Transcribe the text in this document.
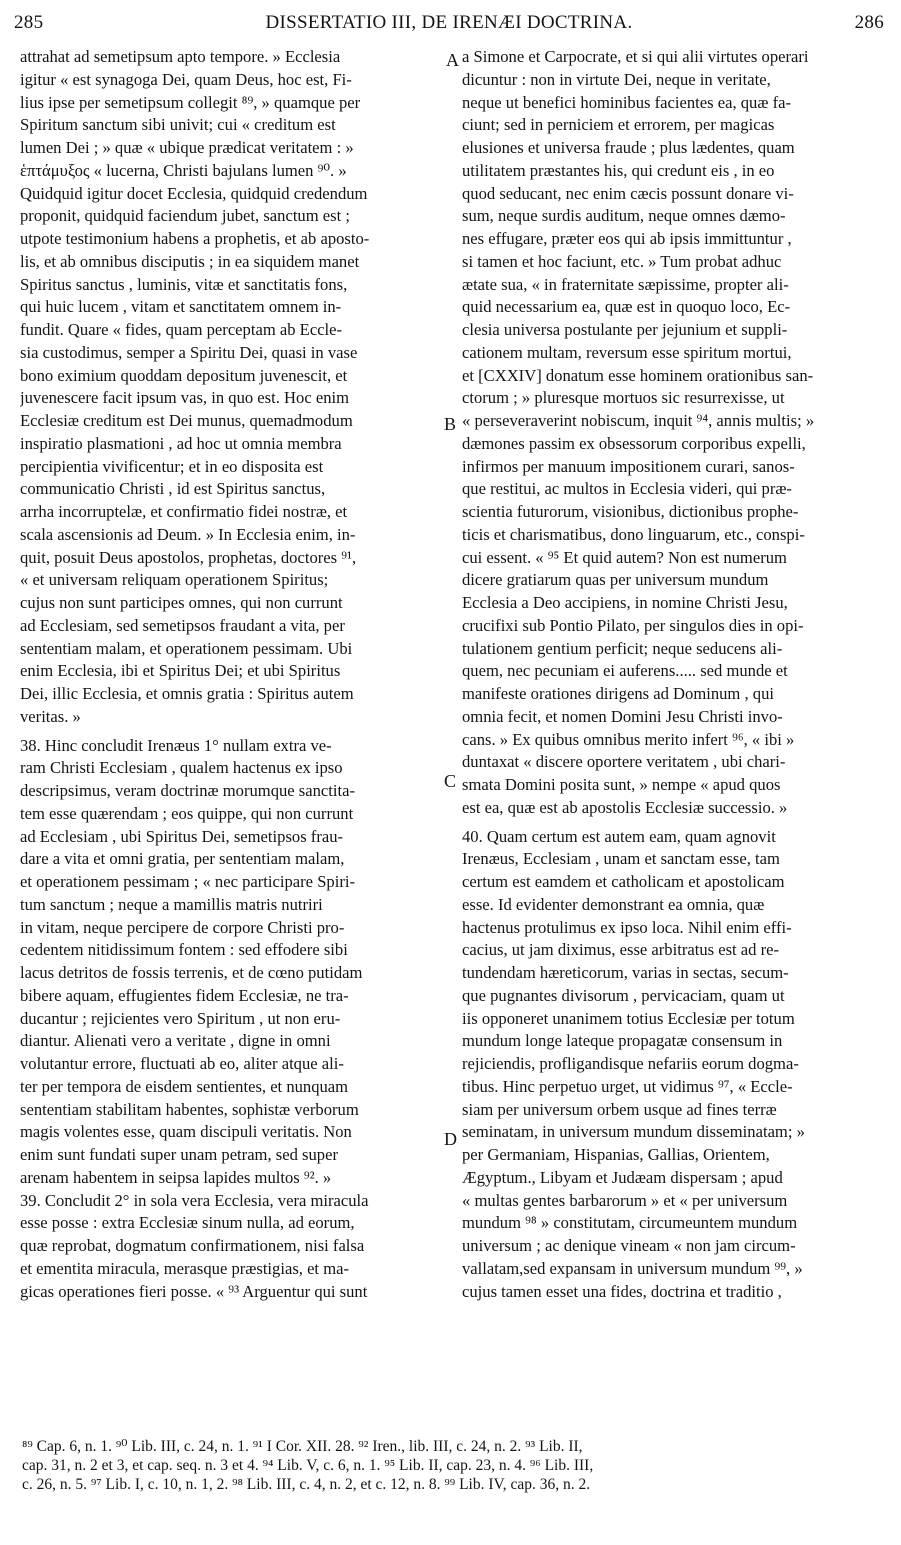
285	DISSERTATIO III, DE IRENÆI DOCTRINA.	286
A
B
C
D
attrahat ad semetipsum apto tempore. » Ecclesia
igitur « est synagoga Dei, quam Deus, hoc est, Fi-
lius ipse per semetipsum collegit ⁸⁹, » quamque per
Spiritum sanctum sibi univit; cui « creditum est
lumen Dei ; » quæ « ubique prædicat veritatem : »
ἑπτάμυξος « lucerna, Christi bajulans lumen ⁹⁰. »
Quidquid igitur docet Ecclesia, quidquid credendum
proponit, quidquid faciendum jubet, sanctum est ;
utpote testimonium habens a prophetis, et ab aposto-
lis, et ab omnibus disciputis ; in ea siquidem manet
Spiritus sanctus , luminis, vitæ et sanctitatis fons,
qui huic lucem , vitam et sanctitatem omnem in-
fundit. Quare « fides, quam perceptam ab Eccle-
sia custodimus, semper a Spiritu Dei, quasi in vase
bono eximium quoddam depositum juvenescit, et
juvenescere facit ipsum vas, in quo est. Hoc enim
Ecclesiæ creditum est Dei munus, quemadmodum
inspiratio plasmationi , ad hoc ut omnia membra
percipientia vivificentur; et in eo disposita est
communicatio Christi , id est Spiritus sanctus,
arrha incorruptelæ, et confirmatio fidei nostræ, et
scala ascensionis ad Deum. » In Ecclesia enim, in-
quit, posuit Deus apostolos, prophetas, doctores ⁹¹,
« et universam reliquam operationem Spiritus;
cujus non sunt participes omnes, qui non currunt
ad Ecclesiam, sed semetipsos fraudant a vita, per
sententiam malam, et operationem pessimam. Ubi
enim Ecclesia, ibi et Spiritus Dei; et ubi Spiritus
Dei, illic Ecclesia, et omnis gratia : Spiritus autem
veritas. »
38. Hinc concludit Irenæus 1° nullam extra ve-
ram Christi Ecclesiam , qualem hactenus ex ipso
descripsimus, veram doctrinæ morumque sanctita-
tem esse quærendam ; eos quippe, qui non currunt
ad Ecclesiam , ubi Spiritus Dei, semetipsos frau-
dare a vita et omni gratia, per sententiam malam,
et operationem pessimam ; « nec participare Spiri-
tum sanctum ; neque a mamillis matris nutriri
in vitam, neque percipere de corpore Christi pro-
cedentem nitidissimum fontem : sed effodere sibi
lacus detritos de fossis terrenis, et de cœno putidam
bibere aquam, effugientes fidem Ecclesiæ, ne tra-
ducantur ; rejicientes vero Spiritum , ut non eru-
diantur. Alienati vero a veritate , digne in omni
volutantur errore, fluctuati ab eo, aliter atque ali-
ter per tempora de eisdem sentientes, et nunquam
sententiam stabilitam habentes, sophistæ verborum
magis volentes esse, quam discipuli veritatis. Non
enim sunt fundati super unam petram, sed super
arenam habentem in seipsa lapides multos ⁹². »
39. Concludit 2° in sola vera Ecclesia, vera miracula
esse posse : extra Ecclesiæ sinum nulla, ad eorum,
quæ reprobat, dogmatum confirmationem, nisi falsa
et ementita miracula, merasque præstigias, et ma-
gicas operationes fieri posse. « ⁹³ Arguentur qui sunt
a Simone et Carpocrate, et si qui alii virtutes operari
dicuntur : non in virtute Dei, neque in veritate,
neque ut benefici hominibus facientes ea, quæ fa-
ciunt; sed in perniciem et errorem, per magicas
elusiones et universa fraude ; plus lædentes, quam
utilitatem præstantes his, qui credunt eis , in eo
quod seducant, nec enim cæcis possunt donare vi-
sum, neque surdis auditum, neque omnes dæmo-
nes effugare, præter eos qui ab ipsis immittuntur ,
si tamen et hoc faciunt, etc. » Tum probat adhuc
ætate sua, « in fraternitate sæpissime, propter ali-
quid necessarium ea, quæ est in quoquo loco, Ec-
clesia universa postulante per jejunium et suppli-
cationem multam, reversum esse spiritum mortui,
et [CXXIV] donatum esse hominem orationibus san-
ctorum ; » pluresque mortuos sic resurrexisse, ut
« perseveraverint nobiscum, inquit ⁹⁴, annis multis; »
dæmones passim ex obsessorum corporibus expelli,
infirmos per manuum impositionem curari, sanos-
que restitui, ac multos in Ecclesia videri, qui præ-
scientia futurorum, visionibus, dictionibus prophe-
ticis et charismatibus, dono linguarum, etc., conspi-
cui essent. « ⁹⁵ Et quid autem? Non est numerum
dicere gratiarum quas per universum mundum
Ecclesia a Deo accipiens, in nomine Christi Jesu,
crucifixi sub Pontio Pilato, per singulos dies in opi-
tulationem gentium perficit; neque seducens ali-
quem, nec pecuniam ei auferens..... sed munde et
manifeste orationes dirigens ad Dominum , qui
omnia fecit, et nomen Domini Jesu Christi invo-
cans. » Ex quibus omnibus merito infert ⁹⁶, « ibi »
duntaxat « discere oportere veritatem , ubi chari-
smata Domini posita sunt, » nempe « apud quos
est ea, quæ est ab apostolis Ecclesiæ successio. »
40. Quam certum est autem eam, quam agnovit
Irenæus, Ecclesiam , unam et sanctam esse, tam
certum est eamdem et catholicam et apostolicam
esse. Id evidenter demonstrant ea omnia, quæ
hactenus protulimus ex ipso loca. Nihil enim effi-
cacius, ut jam diximus, esse arbitratus est ad re-
tundendam hæreticorum, varias in sectas, secum-
que pugnantes divisorum , pervicaciam, quam ut
iis opponeret unanimem totius Ecclesiæ per totum
mundum longe lateque propagatæ consensum in
rejiciendis, profligandisque nefariis eorum dogma-
tibus. Hinc perpetuo urget, ut vidimus ⁹⁷, « Eccle-
siam per universum orbem usque ad fines terræ
seminatam, in universum mundum disseminatam; »
per Germaniam, Hispanias, Gallias, Orientem,
Ægyptum., Libyam et Judæam dispersam ; apud
« multas gentes barbarorum » et « per universum
mundum ⁹⁸ » constitutam, circumeuntem mundum
universum ; ac denique vineam « non jam circum-
vallatam,sed expansam in universum mundum ⁹⁹, »
cujus tamen esset una fides, doctrina et traditio ,
⁸⁹ Cap. 6, n. 1. ⁹⁰ Lib. III, c. 24, n. 1. ⁹¹ I Cor. XII. 28. ⁹² Iren., lib. III, c. 24, n. 2. ⁹³ Lib. II,
cap. 31, n. 2 et 3, et cap. seq. n. 3 et 4. ⁹⁴ Lib. V, c. 6, n. 1. ⁹⁵ Lib. II, cap. 23, n. 4. ⁹⁶ Lib. III,
c. 26, n. 5. ⁹⁷ Lib. I, c. 10, n. 1, 2. ⁹⁸ Lib. III, c. 4, n. 2, et c. 12, n. 8. ⁹⁹ Lib. IV, cap. 36, n. 2.
